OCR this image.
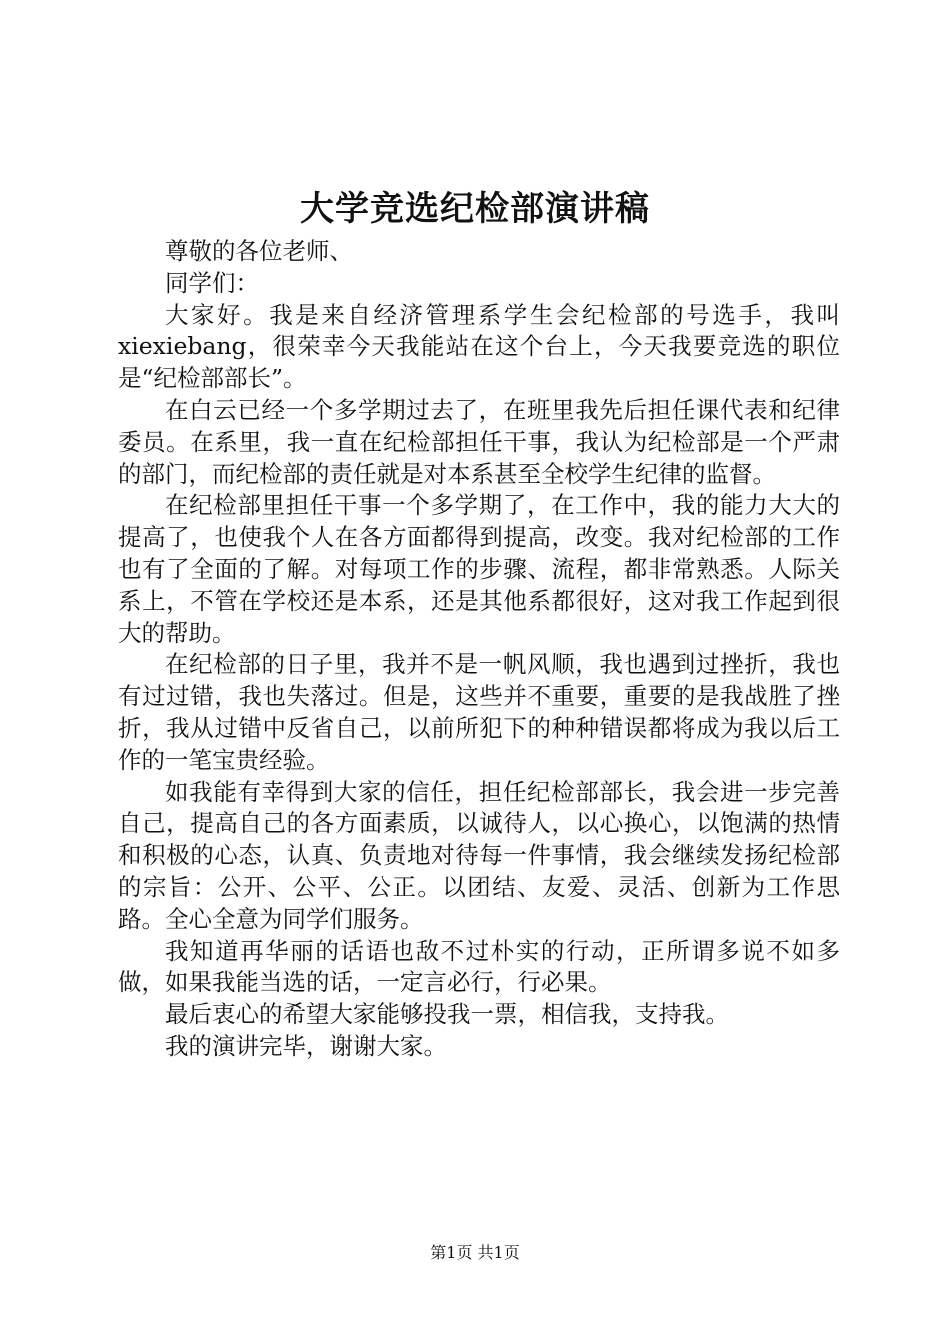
大学竞选纪检部演讲稿

尊敬的各位老师、

同学们：

大家好。我是来自经济管理系学生会纪检部的号选手，我叫xiexiebang，很荣幸今天我能站在这个台上，今天我要竞选的职位是“纪检部部长”。

在白云已经一个多学期过去了，在班里我先后担任课代表和纪律委员。在系里，我一直在纪检部担任干事，我认为纪检部是一个严肃的部门，而纪检部的责任就是对本系甚至全校学生纪律的监督。

在纪检部里担任干事一个多学期了，在工作中，我的能力大大的提高了，也使我个人在各方面都得到提高，改变。我对纪检部的工作也有了全面的了解。对每项工作的步骤、流程，都非常熟悉。人际关系上，不管在学校还是本系，还是其他系都很好，这对我工作起到很大的帮助。

在纪检部的日子里，我并不是一帆风顺，我也遇到过挫折，我也有过过错，我也失落过。但是，这些并不重要，重要的是我战胜了挫折，我从过错中反省自己，以前所犯下的种种错误都将成为我以后工作的一笔宝贵经验。

如我能有幸得到大家的信任，担任纪检部部长，我会进一步完善自己，提高自己的各方面素质，以诚待人，以心换心，以饱满的热情和积极的心态，认真、负责地对待每一件事情，我会继续发扬纪检部的宗旨：公开、公平、公正。以团结、友爱、灵活、创新为工作思路。全心全意为同学们服务。

我知道再华丽的话语也敌不过朴实的行动，正所谓多说不如多做，如果我能当选的话，一定言必行，行必果。

最后衷心的希望大家能够投我一票，相信我，支持我。

我的演讲完毕，谢谢大家。

第1页 共1页
